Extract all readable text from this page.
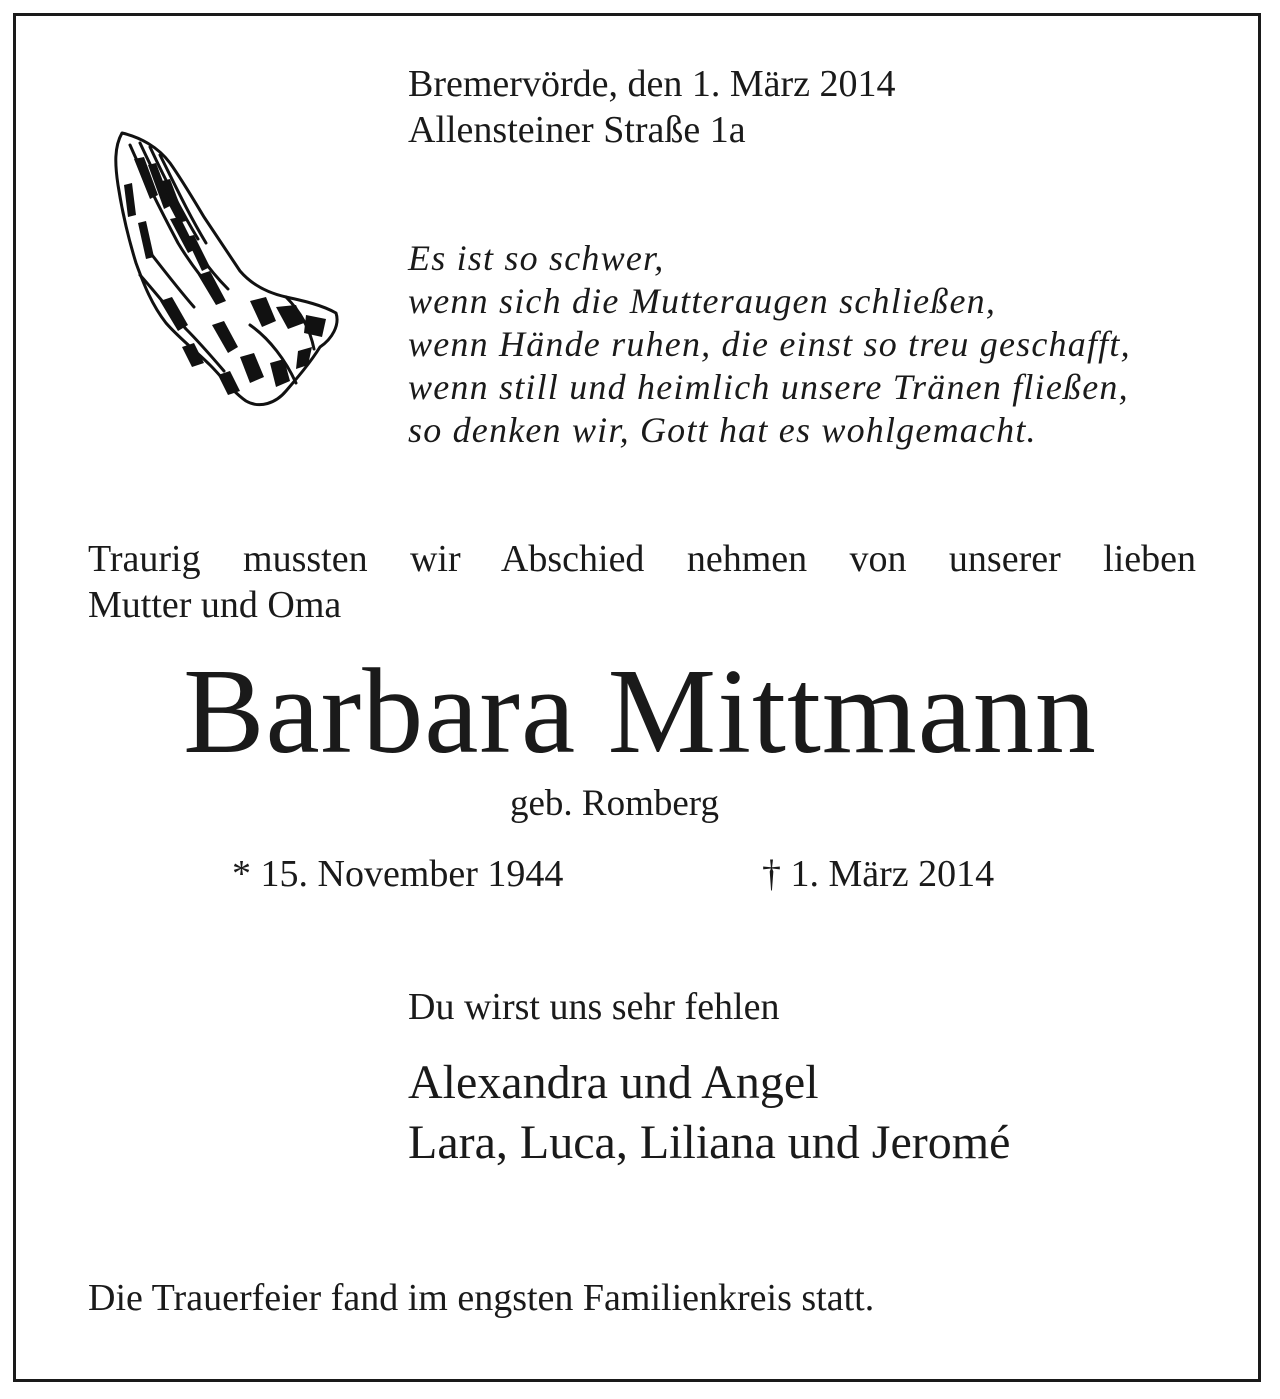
Bremervörde, den 1. März 2014
Allensteiner Straße 1a
Es ist so schwer,
wenn sich die Mutteraugen schließen,
wenn Hände ruhen, die einst so treu geschafft,
wenn still und heimlich unsere Tränen fließen,
so denken wir, Gott hat es wohlgemacht.
Traurig mussten wir Abschied nehmen von unserer lieben
Mutter und Oma
Barbara Mittmann
geb. Romberg
* 15. November 1944	† 1. März 2014
Du wirst uns sehr fehlen
Alexandra und Angel
Lara, Luca, Liliana und Jeromé
Die Trauerfeier fand im engsten Familienkreis statt.
